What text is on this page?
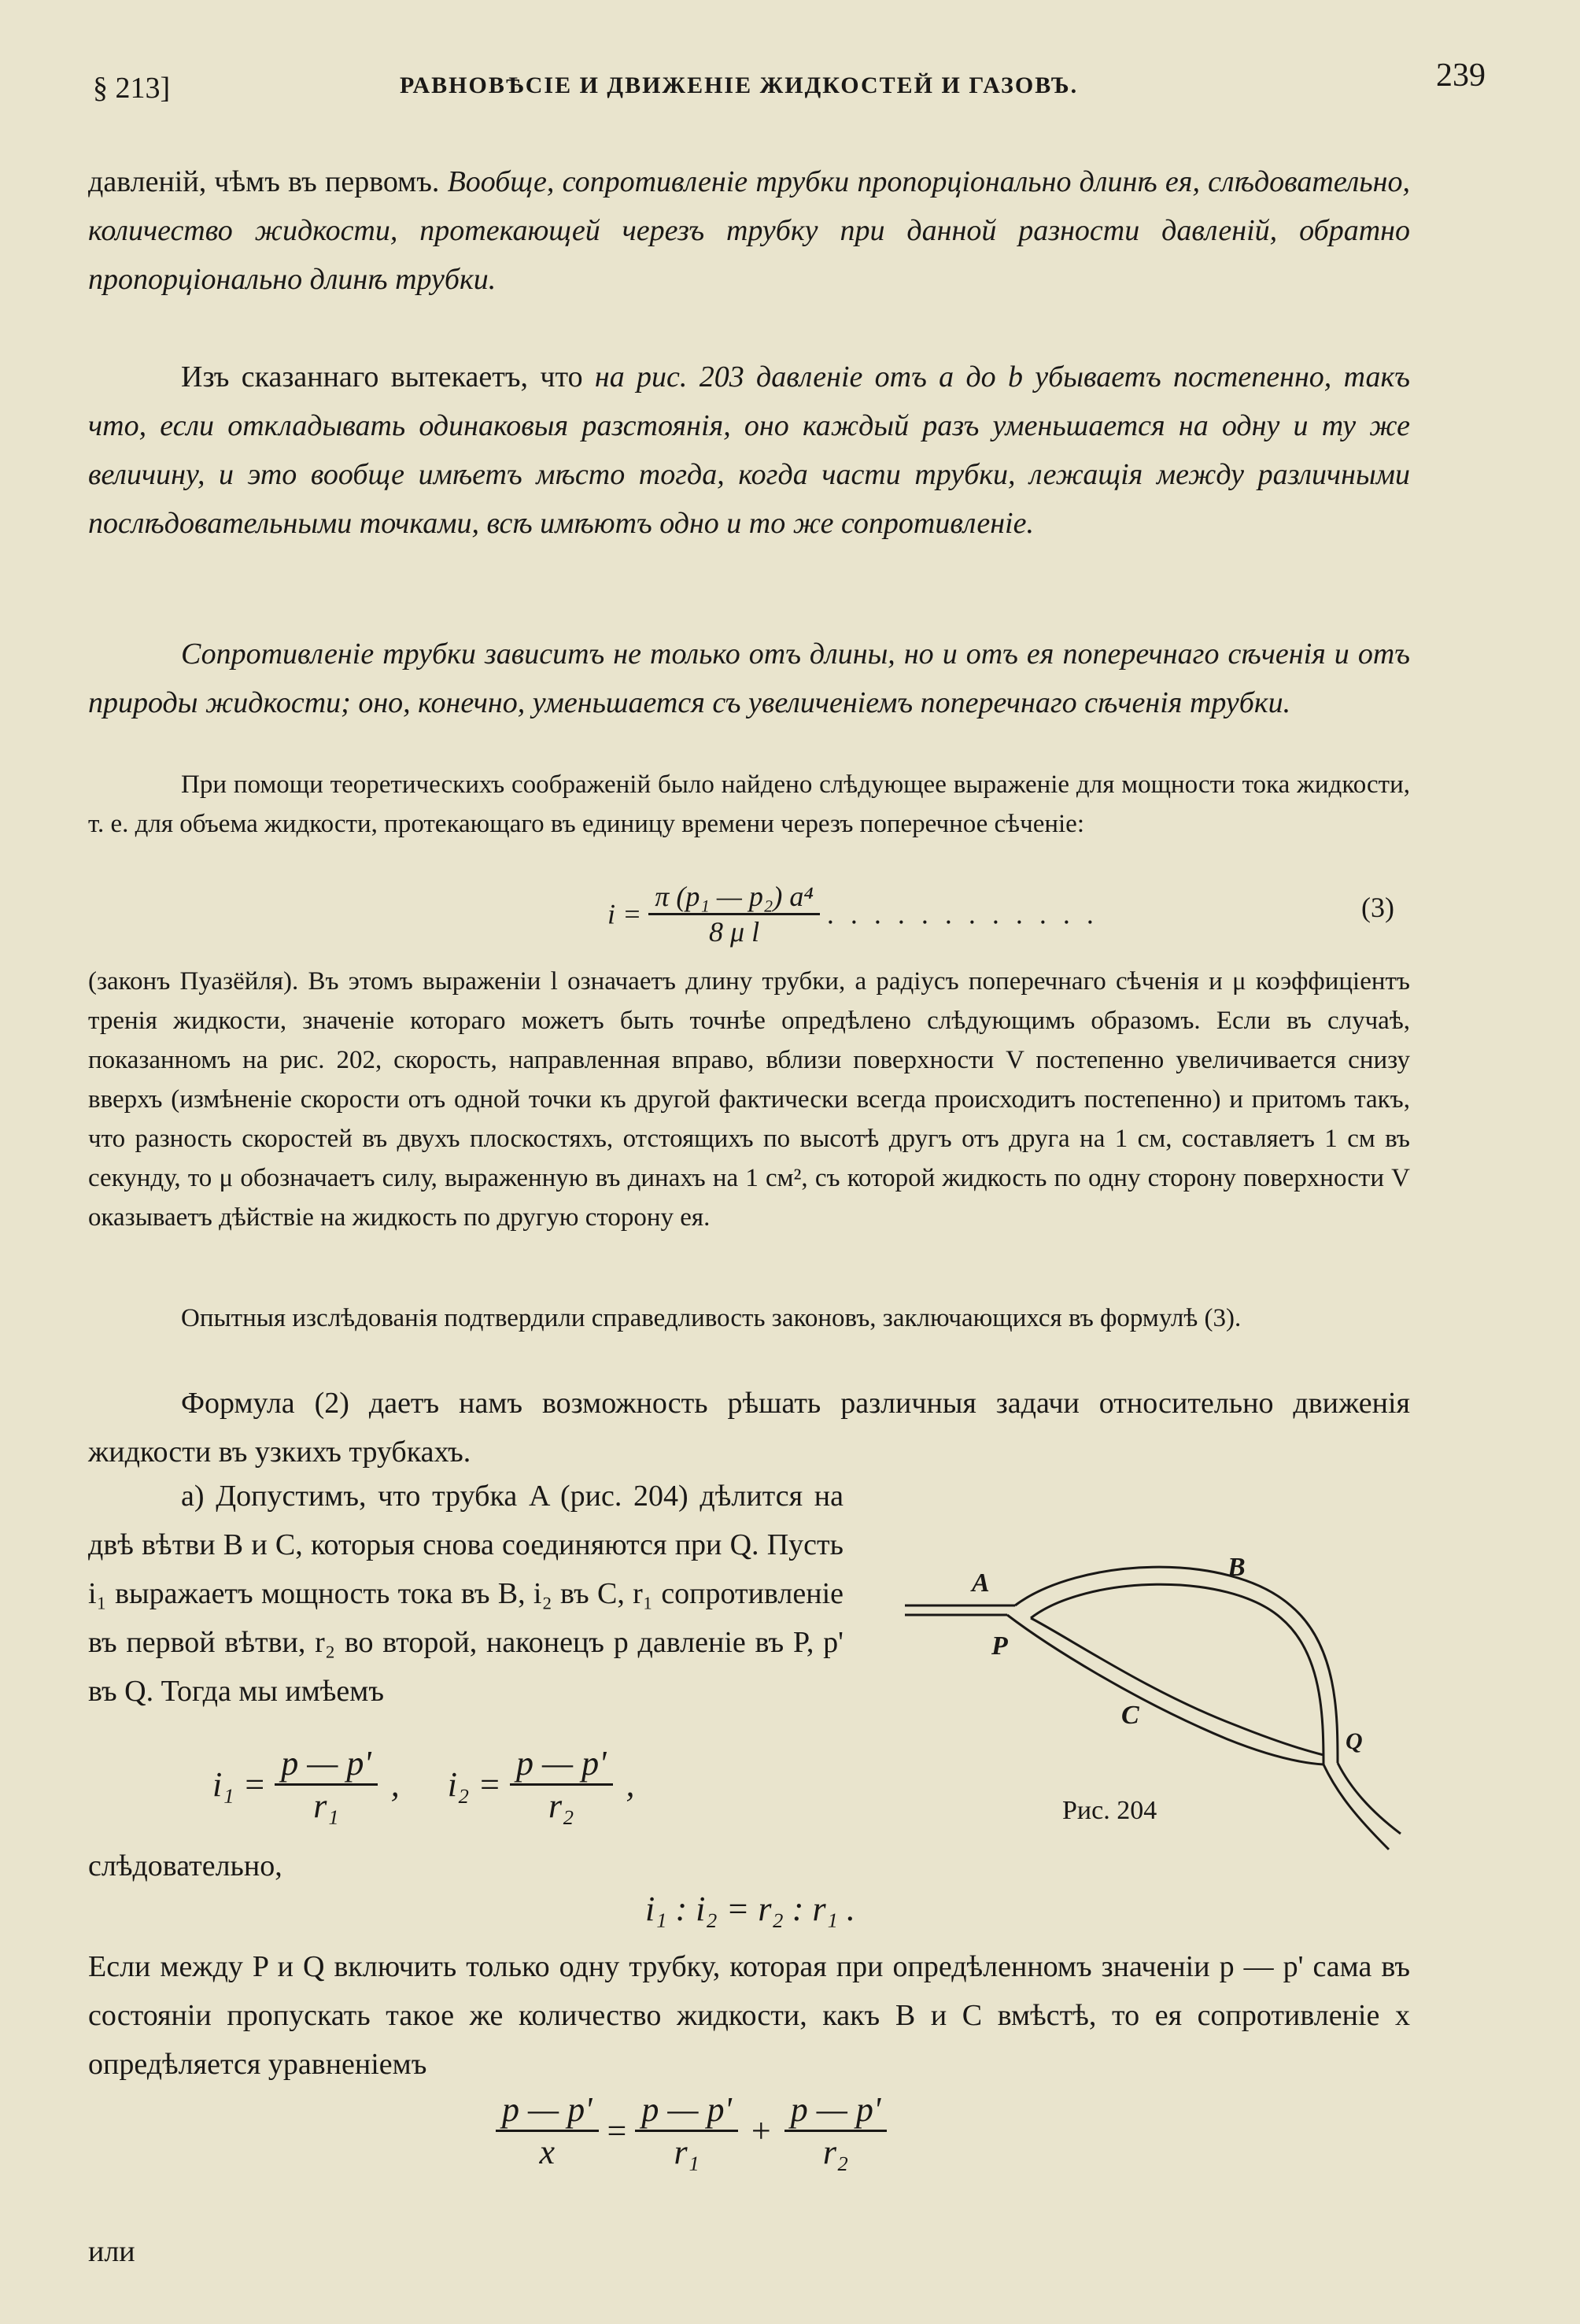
§ 213]	РАВНОВѢСІЕ И ДВИЖЕНІЕ ЖИДКОСТЕЙ И ГАЗОВЪ.	239
давленій, чѣмъ въ первомъ. Вообще, сопротивленіе трубки пропорціонально длинѣ ея, слѣдовательно, количество жидкости, протекающей черезъ трубку при данной разности давленій, обратно пропорціонально длинѣ трубки.
Изъ сказаннаго вытекаетъ, что на рис. 203 давленіе отъ a до b убываетъ постепенно, такъ что, если откладывать одинаковыя разстоянія, оно каждый разъ уменьшается на одну и ту же величину, и это вообще имѣетъ мѣсто тогда, когда части трубки, лежащія между различными послѣдовательными точками, всѣ имѣютъ одно и то же сопротивленіе.
Сопротивленіе трубки зависитъ не только отъ длины, но и отъ ея поперечнаго сѣченія и отъ природы жидкости; оно, конечно, уменьшается съ увеличеніемъ поперечнаго сѣченія трубки.
При помощи теоретическихъ соображеній было найдено слѣдующее выраженіе для мощности тока жидкости, т. е. для объема жидкости, протекающаго въ единицу времени черезъ поперечное сѣченіе:
$i = \frac{\text{π (p₁ — p₂) a⁴}}{\text{8 μ l}}$ . . . . . . . . . . . .	(3)
(законъ Пуазёйля). Въ этомъ выраженіи l означаетъ длину трубки, a радіусъ поперечнаго сѣченія и μ коэффиціентъ тренія жидкости, значеніе котораго можетъ быть точнѣе опредѣлено слѣдующимъ образомъ. Если въ случаѣ, показанномъ на рис. 202, скорость, направленная вправо, вблизи поверхности V постепенно увеличивается снизу вверхъ (измѣненіе скорости отъ одной точки къ другой фактически всегда происходитъ постепенно) и притомъ такъ, что разность скоростей въ двухъ плоскостяхъ, отстоящихъ по высотѣ другъ отъ друга на 1 см, составляетъ 1 см въ секунду, то μ обозначаетъ силу, выраженную въ динахъ на 1 см², съ которой жидкость по одну сторону поверхности V оказываетъ дѣйствіе на жидкость по другую сторону ея.
Опытныя изслѣдованія подтвердили справедливость законовъ, заключающихся въ формулѣ (3).
Формула (2) даетъ намъ возможность рѣшать различныя задачи относительно движенія жидкости въ узкихъ трубкахъ.
a) Допустимъ, что трубка A (рис. 204) дѣлится на двѣ вѣтви B и C, которыя снова соединяются при Q. Пусть i₁ выражаетъ мощность тока въ B, i₂ въ C, r₁ сопротивленіе въ первой вѣтви, r₂ во второй, наконецъ p давленіе въ P, p' въ Q. Тогда мы имѣемъ
A
B
C
P
Q
Рис. 204
$i_1 = \frac{p — p'}{\text{r₁}}$ , $i_2 = \frac{p — p'}{\text{r₂}}$ ,
слѣдовательно,
i₁ : i₂ = r₂ : r₁ .
Если между P и Q включить только одну трубку, которая при опредѣленномъ значеніи p — p' сама въ состояніи пропускать такое же количество жидкости, какъ B и C вмѣстѣ, то ея сопротивленіе x опредѣляется уравненіемъ
$\frac{p — p'}{x} = \frac{p — p'}{\text{r₁}} + \frac{p — p'}{\text{r₂}}$
или
